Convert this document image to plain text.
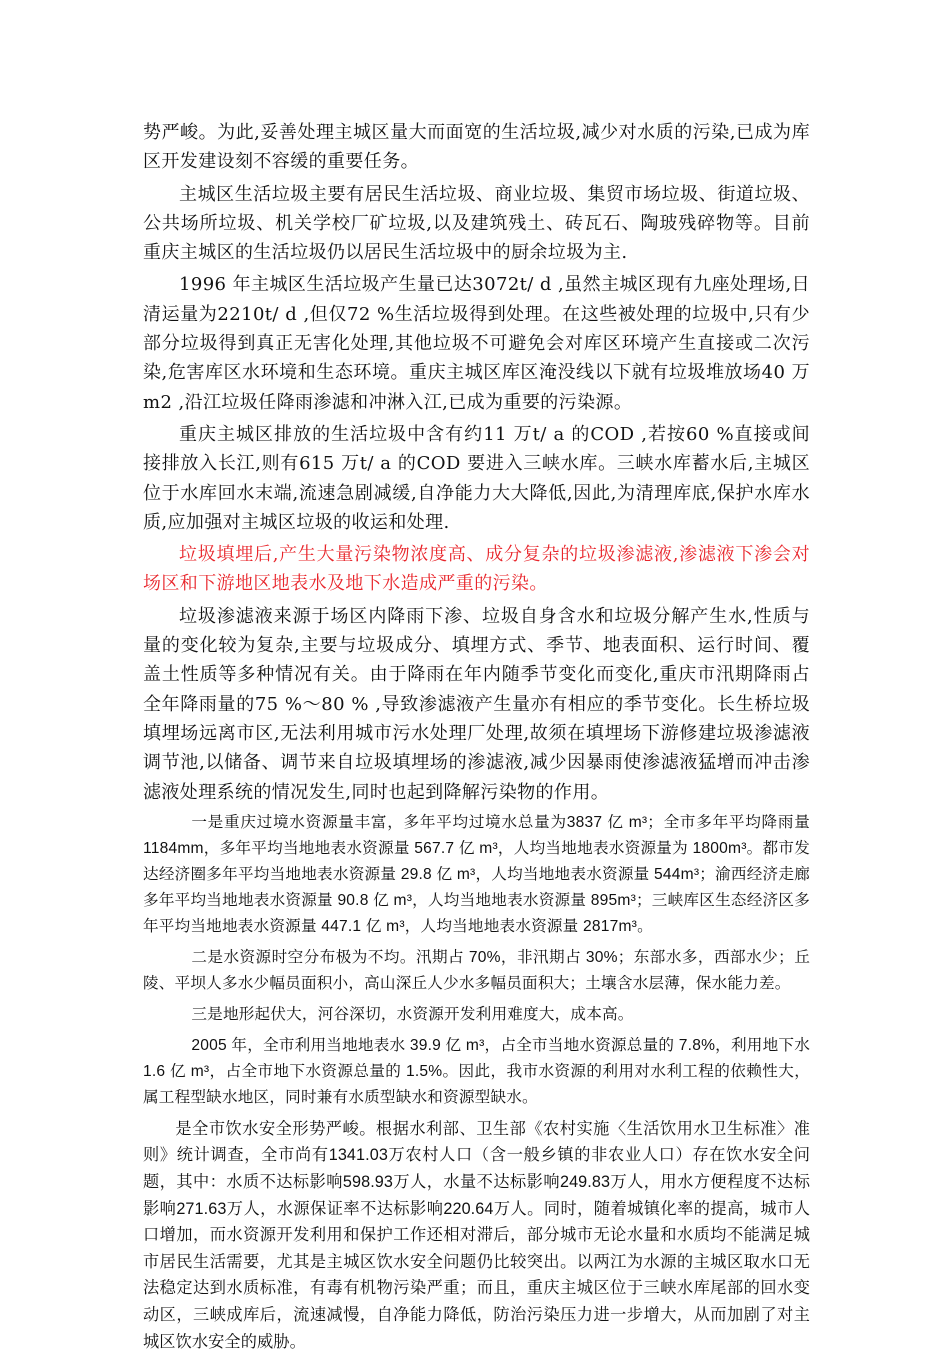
势严峻。为此,妥善处理主城区量大而面宽的生活垃圾,减少对水质的污染,已成为库区开发建设刻不容缓的重要任务。

主城区生活垃圾主要有居民生活垃圾、商业垃圾、集贸市场垃圾、街道垃圾、公共场所垃圾、机关学校厂矿垃圾,以及建筑残土、砖瓦石、陶玻残碎物等。目前重庆主城区的生活垃圾仍以居民生活垃圾中的厨余垃圾为主.

1996 年主城区生活垃圾产生量已达3072t/ d ,虽然主城区现有九座处理场,日清运量为2210t/ d ,但仅72 %生活垃圾得到处理。在这些被处理的垃圾中,只有少部分垃圾得到真正无害化处理,其他垃圾不可避免会对库区环境产生直接或二次污染,危害库区水环境和生态环境。重庆主城区库区淹没线以下就有垃圾堆放场40 万m2 ,沿江垃圾任降雨渗滤和冲淋入江,已成为重要的污染源。

重庆主城区排放的生活垃圾中含有约11 万t/ a 的COD ,若按60 %直接或间接排放入长江,则有615 万t/ a 的COD 要进入三峡水库。三峡水库蓄水后,主城区位于水库回水末端,流速急剧减缓,自净能力大大降低,因此,为清理库底,保护水库水质,应加强对主城区垃圾的收运和处理.

垃圾填埋后,产生大量污染物浓度高、成分复杂的垃圾渗滤液,渗滤液下渗会对场区和下游地区地表水及地下水造成严重的污染。

垃圾渗滤液来源于场区内降雨下渗、垃圾自身含水和垃圾分解产生水,性质与量的变化较为复杂,主要与垃圾成分、填埋方式、季节、地表面积、运行时间、覆盖土性质等多种情况有关。由于降雨在年内随季节变化而变化,重庆市汛期降雨占全年降雨量的75 %～80 % ,导致渗滤液产生量亦有相应的季节变化。长生桥垃圾填埋场远离市区,无法利用城市污水处理厂处理,故须在填埋场下游修建垃圾渗滤液调节池,以储备、调节来自垃圾填埋场的渗滤液,减少因暴雨使渗滤液猛增而冲击渗滤液处理系统的情况发生,同时也起到降解污染物的作用。

一是重庆过境水资源量丰富，多年平均过境水总量为3837 亿 m³；全市多年平均降雨量 1184mm，多年平均当地地表水资源量 567.7 亿 m³，人均当地地表水资源量为 1800m³。都市发达经济圈多年平均当地地表水资源量 29.8 亿 m³，人均当地地表水资源量 544m³；渝西经济走廊多年平均当地地表水资源量 90.8 亿 m³，人均当地地表水资源量 895m³；三峡库区生态经济区多年平均当地地表水资源量 447.1 亿 m³，人均当地地表水资源量 2817m³。

二是水资源时空分布极为不均。汛期占 70%，非汛期占 30%；东部水多，西部水少；丘陵、平坝人多水少幅员面积小，高山深丘人少水多幅员面积大；土壤含水层薄，保水能力差。

三是地形起伏大，河谷深切，水资源开发利用难度大，成本高。

2005 年，全市利用当地地表水 39.9 亿 m³，占全市当地水资源总量的 7.8%，利用地下水 1.6 亿 m³，占全市地下水资源总量的 1.5%。因此，我市水资源的利用对水利工程的依赖性大，属工程型缺水地区，同时兼有水质型缺水和资源型缺水。

是全市饮水安全形势严峻。根据水利部、卫生部《农村实施〈生活饮用水卫生标准〉准则》统计调查，全市尚有1341.03万农村人口（含一般乡镇的非农业人口）存在饮水安全问题，其中：水质不达标影响598.93万人，水量不达标影响249.83万人，用水方便程度不达标影响271.63万人，水源保证率不达标影响220.64万人。同时，随着城镇化率的提高，城市人口增加，而水资源开发利用和保护工作还相对滞后，部分城市无论水量和水质均不能满足城市居民生活需要，尤其是主城区饮水安全问题仍比较突出。以两江为水源的主城区取水口无法稳定达到水质标准，有毒有机物污染严重；而且，重庆主城区位于三峡水库尾部的回水变动区，三峡成库后，流速减慢，自净能力降低，防治污染压力进一步增大，从而加剧了对主城区饮水安全的威胁。
